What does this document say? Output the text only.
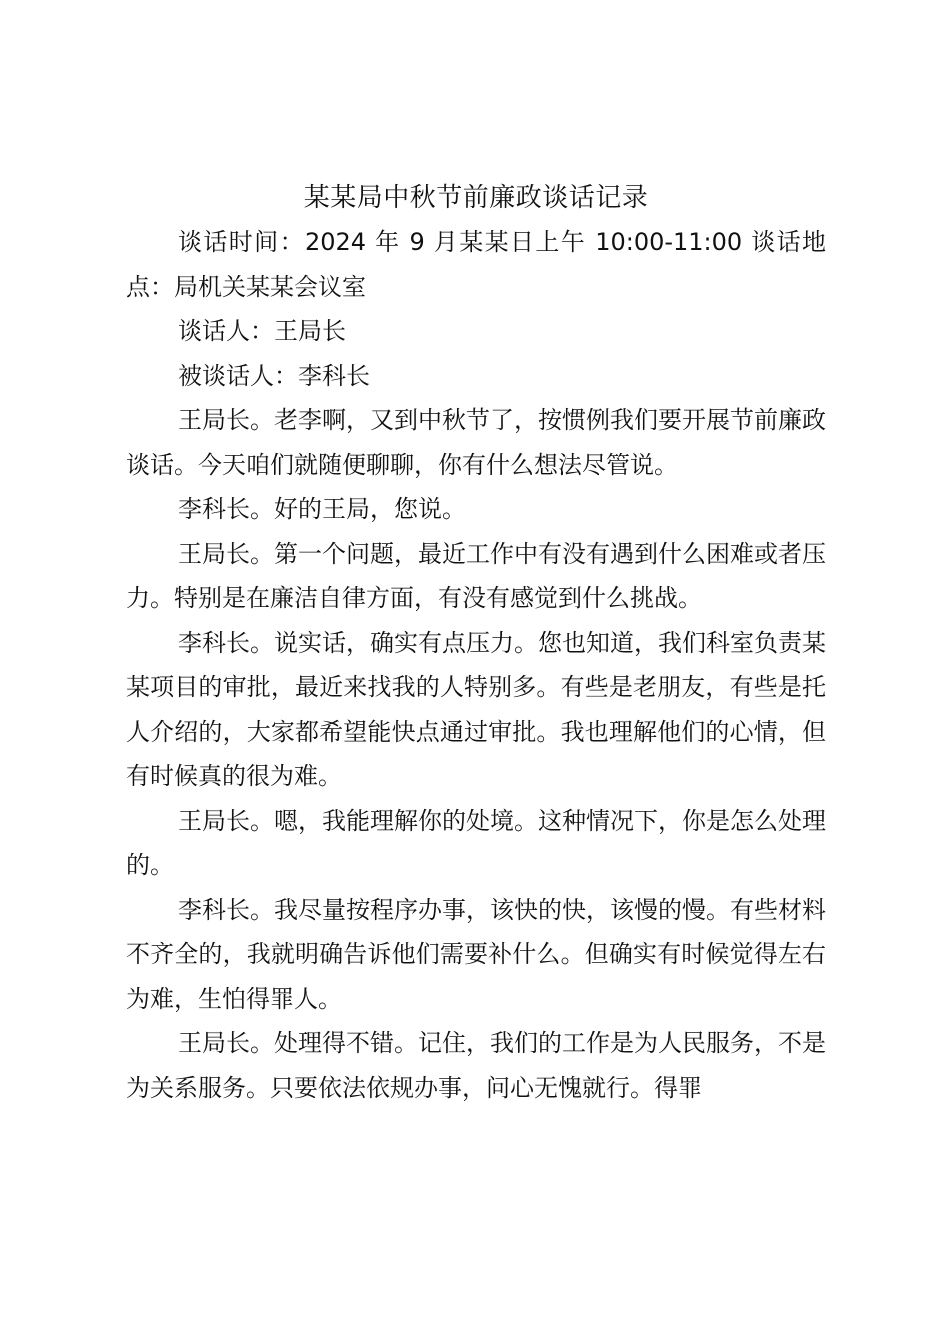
某某局中秋节前廉政谈话记录

谈话时间：2024 年 9 月某某日上午 10:00-11:00 谈话地点：局机关某某会议室

谈话人：王局长

被谈话人：李科长

王局长。老李啊，又到中秋节了，按惯例我们要开展节前廉政谈话。今天咱们就随便聊聊，你有什么想法尽管说。

李科长。好的王局，您说。

王局长。第一个问题，最近工作中有没有遇到什么困难或者压力。特别是在廉洁自律方面，有没有感觉到什么挑战。

李科长。说实话，确实有点压力。您也知道，我们科室负责某某项目的审批，最近来找我的人特别多。有些是老朋友，有些是托人介绍的，大家都希望能快点通过审批。我也理解他们的心情，但有时候真的很为难。

王局长。嗯，我能理解你的处境。这种情况下，你是怎么处理的。

李科长。我尽量按程序办事，该快的快，该慢的慢。有些材料不齐全的，我就明确告诉他们需要补什么。但确实有时候觉得左右为难，生怕得罪人。

王局长。处理得不错。记住，我们的工作是为人民服务，不是为关系服务。只要依法依规办事，问心无愧就行。得罪
